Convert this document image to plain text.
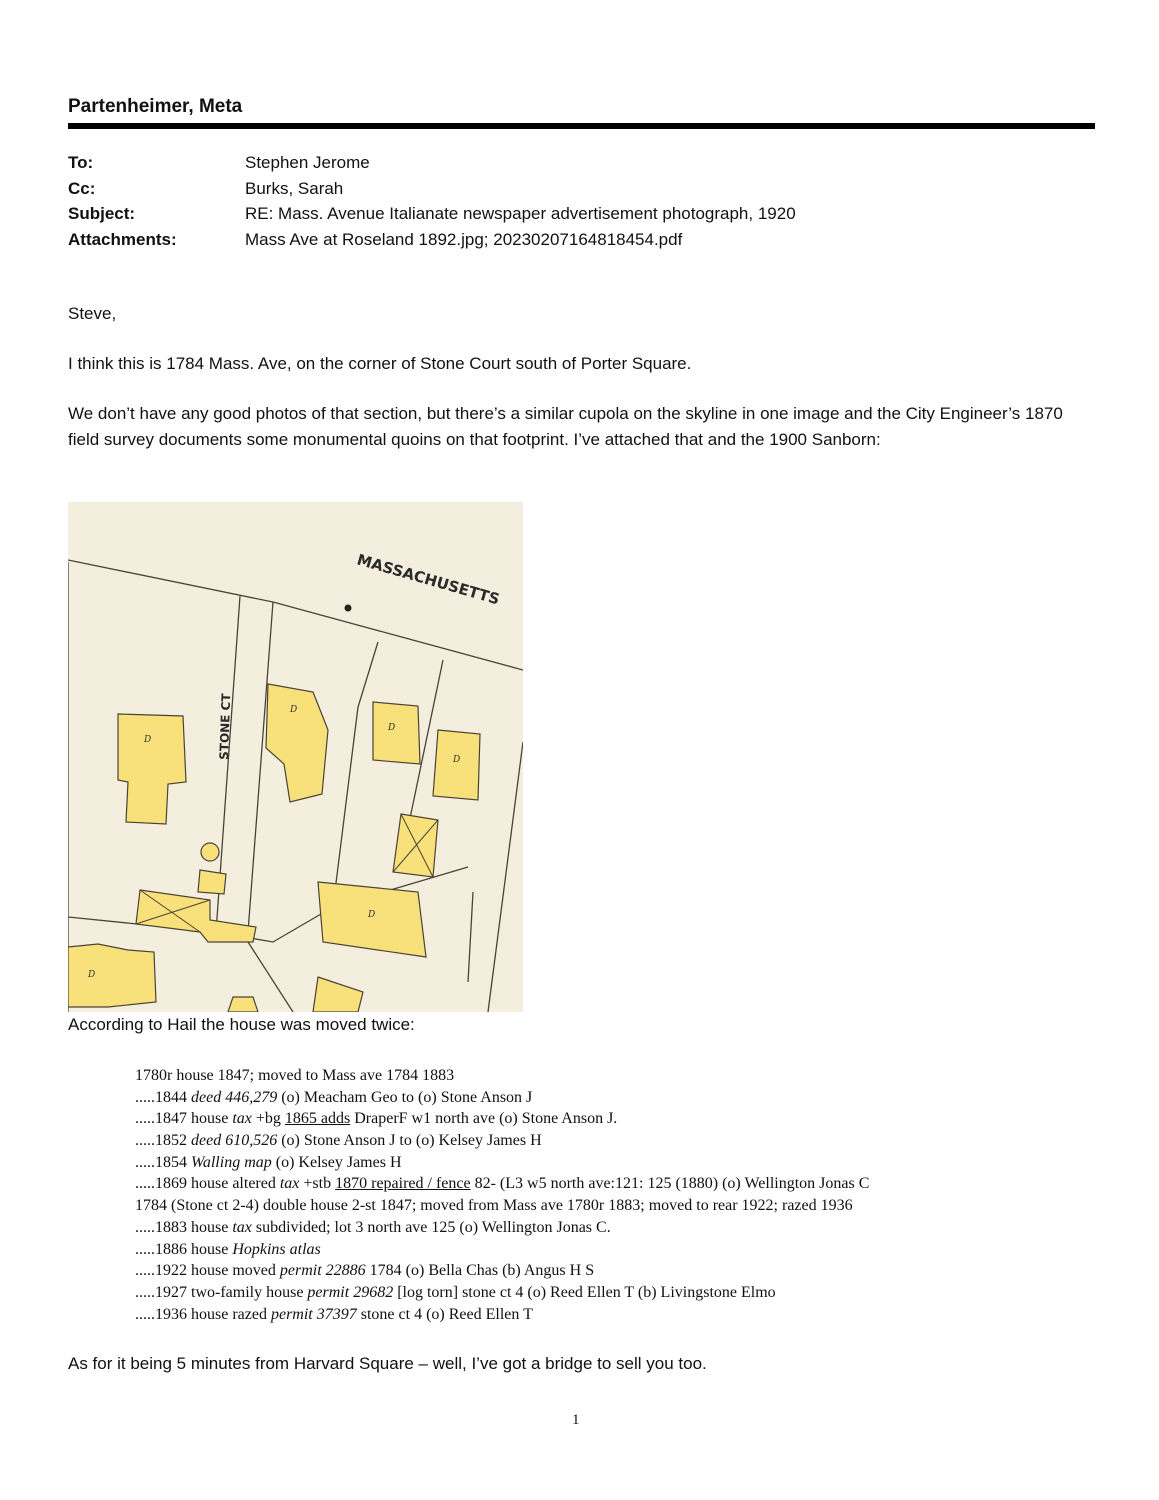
Partenheimer, Meta
To:	Stephen Jerome
Cc:	Burks, Sarah
Subject:	RE: Mass. Avenue Italianate newspaper advertisement photograph, 1920
Attachments:	Mass Ave at Roseland 1892.jpg; 20230207164818454.pdf
Steve,
I think this is 1784 Mass. Ave, on the corner of Stone Court south of Porter Square.
We don’t have any good photos of that section, but there’s a similar cupola on the skyline in one image and the City Engineer’s 1870 field survey documents some monumental quoins on that footprint. I’ve attached that and the 1900 Sanborn:
MASSACHUSETTS
STONE CT
D
D
D
D
D
D
According to Hail the house was moved twice:
1780r house 1847; moved to Mass ave 1784 1883
.....1844 deed 446,279 (o) Meacham Geo to (o) Stone Anson J
.....1847 house tax +bg 1865 adds DraperF w1 north ave (o) Stone Anson J.
.....1852 deed 610,526 (o) Stone Anson J to (o) Kelsey James H
.....1854 Walling map (o) Kelsey James H
.....1869 house altered tax +stb 1870 repaired / fence 82- (L3 w5 north ave:121: 125 (1880) (o) Wellington Jonas C
1784 (Stone ct 2-4) double house 2-st 1847; moved from Mass ave 1780r 1883; moved to rear 1922; razed 1936
.....1883 house tax subdivided; lot 3 north ave 125 (o) Wellington Jonas C.
.....1886 house Hopkins atlas
.....1922 house moved permit 22886 1784 (o) Bella Chas (b) Angus H S
.....1927 two-family house permit 29682 [log torn] stone ct 4 (o) Reed Ellen T (b) Livingstone Elmo
.....1936 house razed permit 37397 stone ct 4 (o) Reed Ellen T
As for it being 5 minutes from Harvard Square – well, I’ve got a bridge to sell you too.
1
